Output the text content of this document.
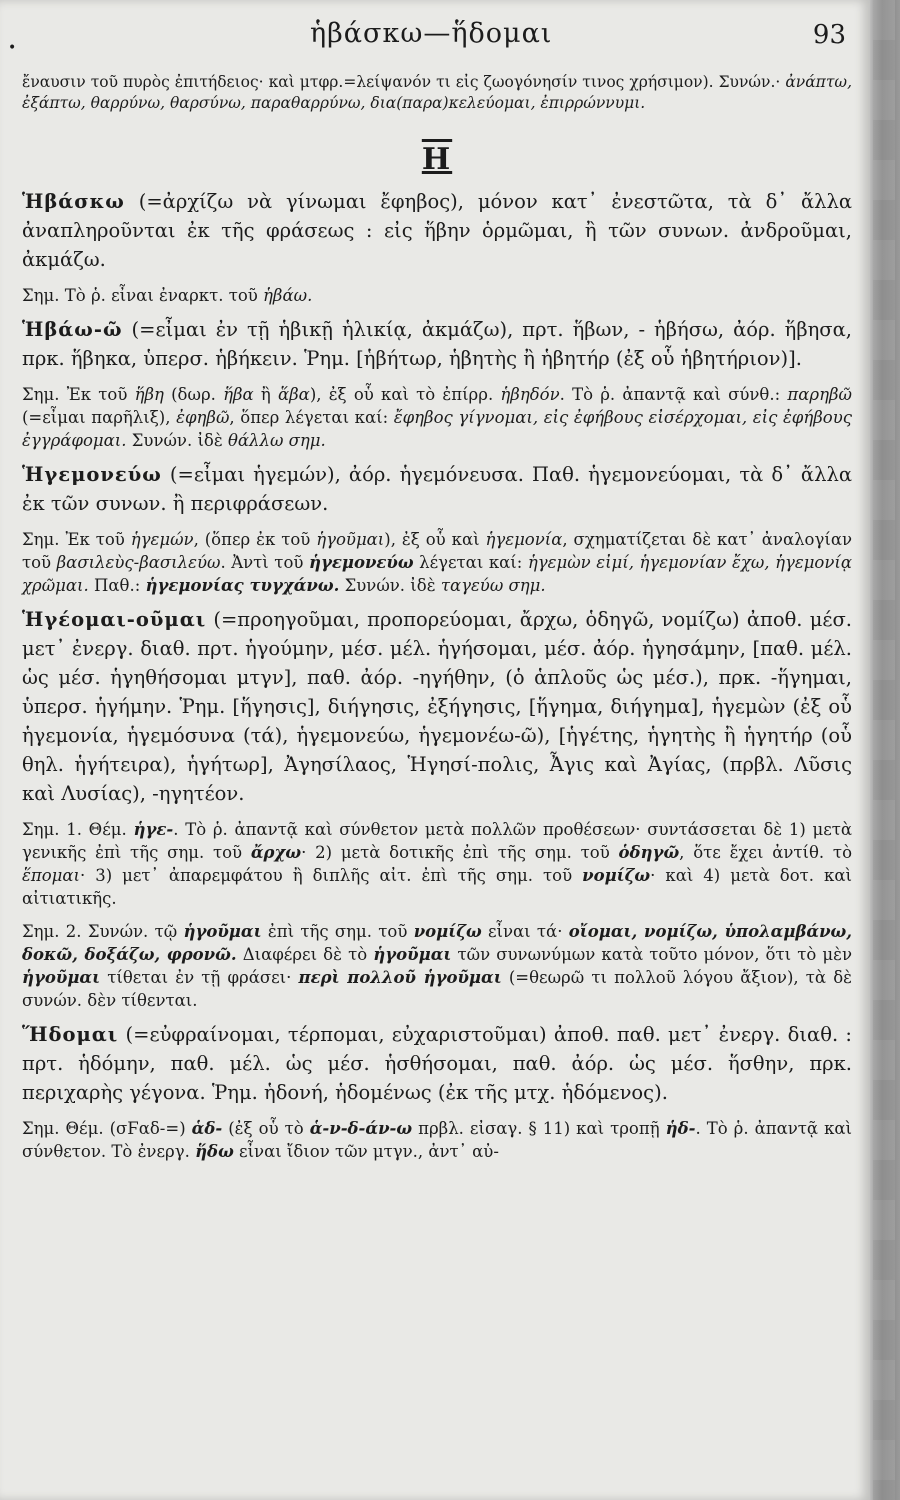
•	ἡβάσκω—ἥδομαι	93

ἔναυσιν τοῦ πυρὸς ἐπιτήδειος· καὶ μτφρ.=λείψανόν τι εἰς ζωογόνησίν τινος χρήσιμον). Συνών.· ἀνάπτω, ἐξάπτω, θαρρύνω, θαρσύνω, παραθαρρύνω, δια(παρα)κελεύομαι, ἐπιρρώννυμι.

Η

Ἡβάσκω (=ἀρχίζω νὰ γίνωμαι ἔφηβος), μόνον κατ᾽ ἐνεστῶτα, τὰ δ᾽ ἄλλα ἀναπληροῦνται ἐκ τῆς φράσεως : εἰς ἥβην ὁρμῶμαι, ἢ τῶν συνων. ἀνδροῦμαι, ἀκμάζω.

Σημ. Τὸ ῥ. εἶναι ἐναρκτ. τοῦ ἡβάω.

Ἡβάω-ῶ (=εἶμαι ἐν τῇ ἡβικῇ ἡλικίᾳ, ἀκμάζω), πρτ. ἥβων, - ἡβήσω, ἀόρ. ἥβησα, πρκ. ἥβηκα, ὑπερσ. ἡβήκειν. Ῥημ. [ἡβήτωρ, ἡβητὴς ἢ ἡβητήρ (ἐξ οὗ ἡβητήριον)].

Σημ. Ἐκ τοῦ ἥβη (δωρ. ἥβα ἢ ἅβα), ἐξ οὗ καὶ τὸ ἐπίρρ. ἡβηδόν. Τὸ ῥ. ἀπαντᾷ καὶ σύνθ.: παρηβῶ (=εἶμαι παρῆλιξ), ἐφηβῶ, ὅπερ λέγεται καί: ἔφηβος γίγνομαι, εἰς ἐφήβους εἰσέρχομαι, εἰς ἐφήβους ἐγγράφομαι. Συνών. ἰδὲ θάλλω σημ.

Ἡγεμονεύω (=εἶμαι ἡγεμών), ἀόρ. ἡγεμόνευσα. Παθ. ἡγεμονεύομαι, τὰ δ᾽ ἄλλα ἐκ τῶν συνων. ἢ περιφράσεων.

Σημ. Ἐκ τοῦ ἡγεμών, (ὅπερ ἐκ τοῦ ἡγοῦμαι), ἐξ οὗ καὶ ἡγεμονία, σχηματίζεται δὲ κατ᾽ ἀναλογίαν τοῦ βασιλεὺς-βασιλεύω. Ἀντὶ τοῦ ἡγεμονεύω λέγεται καί: ἡγεμὼν εἰμί, ἡγεμονίαν ἔχω, ἡγεμονίᾳ χρῶμαι. Παθ.: ἡγεμονίας τυγχάνω. Συνών. ἰδὲ ταγεύω σημ.

Ἡγέομαι-οῦμαι (=προηγοῦμαι, προπορεύομαι, ἄρχω, ὁδηγῶ, νομίζω) ἀποθ. μέσ. μετ᾽ ἐνεργ. διαθ. πρτ. ἡγούμην, μέσ. μέλ. ἡγήσομαι, μέσ. ἀόρ. ἡγησάμην, [παθ. μέλ. ὡς μέσ. ἡγηθήσομαι μτγν], παθ. ἀόρ. -ηγήθην, (ὁ ἁπλοῦς ὡς μέσ.), πρκ. -ἥγημαι, ὑπερσ. ἡγήμην. Ῥημ. [ἥγησις], διήγησις, ἐξήγησις, [ἥγημα, διήγημα], ἡγεμὼν (ἐξ οὗ ἡγεμονία, ἡγεμόσυνα (τά), ἡγεμονεύω, ἡγεμονέω-ῶ), [ἡγέτης, ἡγητὴς ἢ ἡγητήρ (οὗ θηλ. ἡγήτειρα), ἡγήτωρ], Ἀγησίλαος, Ἡγησί-πολις, Ἆγις καὶ Ἀγίας, (πρβλ. Λῦσις καὶ Λυσίας), -ηγητέον.

Σημ. 1. Θέμ. ἡγε-. Τὸ ῥ. ἀπαντᾷ καὶ σύνθετον μετὰ πολλῶν προθέσεων· συντάσσεται δὲ 1) μετὰ γενικῆς ἐπὶ τῆς σημ. τοῦ ἄρχω· 2) μετὰ δοτικῆς ἐπὶ τῆς σημ. τοῦ ὁδηγῶ, ὅτε ἔχει ἀντίθ. τὸ ἕπομαι· 3) μετ᾽ ἀπαρεμφάτου ἢ διπλῆς αἰτ. ἐπὶ τῆς σημ. τοῦ νομίζω· καὶ 4) μετὰ δοτ. καὶ αἰτιατικῆς.

Σημ. 2. Συνών. τῷ ἡγοῦμαι ἐπὶ τῆς σημ. τοῦ νομίζω εἶναι τά· οἴομαι, νομίζω, ὑπολαμβάνω, δοκῶ, δοξάζω, φρονῶ. Διαφέρει δὲ τὸ ἡγοῦμαι τῶν συνωνύμων κατὰ τοῦτο μόνον, ὅτι τὸ μὲν ἡγοῦμαι τίθεται ἐν τῇ φράσει· περὶ πολλοῦ ἡγοῦμαι (=θεωρῶ τι πολλοῦ λόγου ἄξιον), τὰ δὲ συνών. δὲν τίθενται.

Ἥδομαι (=εὐφραίνομαι, τέρπομαι, εὐχαριστοῦμαι) ἀποθ. παθ. μετ᾽ ἐνεργ. διαθ. : πρτ. ἡδόμην, παθ. μέλ. ὡς μέσ. ἡσθήσομαι, παθ. ἀόρ. ὡς μέσ. ἥσθην, πρκ. περιχαρὴς γέγονα. Ῥημ. ἡδονή, ἡδομένως (ἐκ τῆς μτχ. ἡδόμενος).

Σημ. Θέμ. (σϜαδ-=) ἁδ- (ἐξ οὗ τὸ ἁ-ν-δ-άν-ω πρβλ. εἰσαγ. § 11) καὶ τροπῇ ἡδ-. Τὸ ῥ. ἀπαντᾷ καὶ σύνθετον. Τὸ ἐνεργ. ἥδω εἶναι ἴδιον τῶν μτγν., ἀντ᾽ αὐ-
